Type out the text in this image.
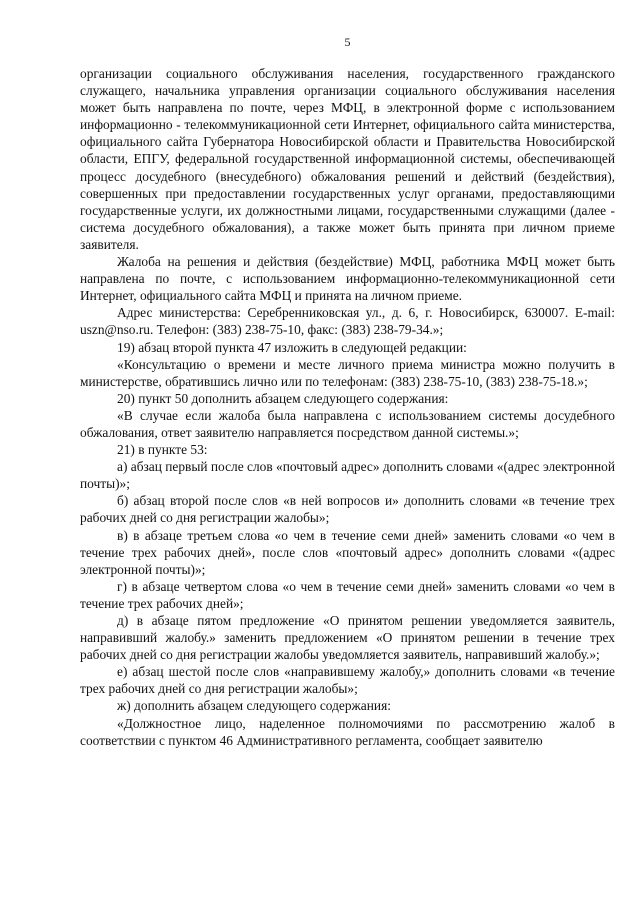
5

организации социального обслуживания населения, государственного гражданского служащего, начальника управления организации социального обслуживания населения может быть направлена по почте, через МФЦ, в электронной форме с использованием информационно - телекоммуникационной сети Интернет, официального сайта министерства, официального сайта Губернатора Новосибирской области и Правительства Новосибирской области, ЕПГУ, федеральной государственной информационной системы, обеспечивающей процесс досудебного (внесудебного) обжалования решений и действий (бездействия), совершенных при предоставлении государственных услуг органами, предоставляющими государственные услуги, их должностными лицами, государственными служащими (далее - система досудебного обжалования), а также может быть принята при личном приеме заявителя.

Жалоба на решения и действия (бездействие) МФЦ, работника МФЦ может быть направлена по почте, с использованием информационно-телекоммуникационной сети Интернет, официального сайта МФЦ и принята на личном приеме.

Адрес министерства: Серебренниковская ул., д. 6, г. Новосибирск, 630007. E-mail: uszn@nso.ru. Телефон: (383) 238-75-10, факс: (383) 238-79-34.»;

19) абзац второй пункта 47 изложить в следующей редакции:

«Консультацию о времени и месте личного приема министра можно получить в министерстве, обратившись лично или по телефонам: (383) 238-75-10, (383) 238-75-18.»;

20) пункт 50 дополнить абзацем следующего содержания:

«В случае если жалоба была направлена с использованием системы досудебного обжалования, ответ заявителю направляется посредством данной системы.»;

21) в пункте 53:

а) абзац первый после слов «почтовый адрес» дополнить словами «(адрес электронной почты)»;

б) абзац второй после слов «в ней вопросов и» дополнить словами «в течение трех рабочих дней со дня регистрации жалобы»;

в) в абзаце третьем слова «о чем в течение семи дней» заменить словами «о чем в течение трех рабочих дней», после слов «почтовый адрес» дополнить словами «(адрес электронной почты)»;

г) в абзаце четвертом слова «о чем в течение семи дней» заменить словами «о чем в течение трех рабочих дней»;

д) в абзаце пятом предложение «О принятом решении уведомляется заявитель, направивший жалобу.» заменить предложением «О принятом решении в течение трех рабочих дней со дня регистрации жалобы уведомляется заявитель, направивший жалобу.»;

е) абзац шестой после слов «направившему жалобу,» дополнить словами «в течение трех рабочих дней со дня регистрации жалобы»;

ж) дополнить абзацем следующего содержания:

«Должностное лицо, наделенное полномочиями по рассмотрению жалоб в соответствии с пунктом 46 Административного регламента, сообщает заявителю
